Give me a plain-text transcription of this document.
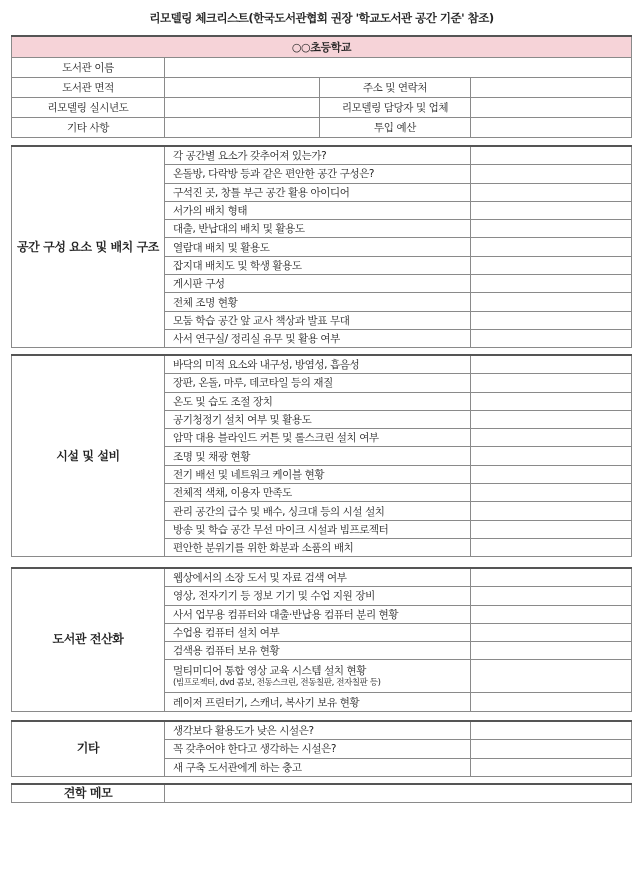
리모델링 체크리스트(한국도서관협회 권장 '학교도서관 공간 기준' 참조)
○○초등학교			
도서관 이름			
도서관 면적		주소 및 연락처	
리모델링 실시년도		리모델링 담당자 및 업체	
기타 사항		투입 예산	
공간 구성 요소 및 배치 구조	각 공간별 요소가 갖추어져 있는가?	
	온돌방, 다락방 등과 같은 편안한 공간 구성은?	
	구석진 곳, 창틀 부근 공간 활용 아이디어	
	서가의 배치 형태	
	대출, 반납대의 배치 및 활용도	
	열람대 배치 및 활용도	
	잡지대 배치도 및 학생 활용도	
	게시판 구성	
	전체 조명 현황	
	모둠 학습 공간 앞 교사 책상과 발표 무대	
	사서 연구실/ 정리실 유무 및 활용 여부	
시설 및 설비	바닥의 미적 요소와 내구성, 방염성, 흡음성	
	장판, 온돌, 마루, 데코타일 등의 재질	
	온도 및 습도 조절 장치	
	공기청정기 설치 여부 및 활용도	
	암막 대용 블라인드 커튼 및 롤스크린 설치 여부	
	조명 및 채광 현황	
	전기 배선 및 네트워크 케이블 현황	
	전체적 색채, 이용자 만족도	
	관리 공간의 급수 및 배수, 싱크대 등의 시설 설치	
	방송 및 학습 공간 무선 마이크 시설과 빔프로젝터	
	편안한 분위기를 위한 화분과 소품의 배치	
도서관 전산화	웹상에서의 소장 도서 및 자료 검색 여부	
	영상, 전자기기 등 정보 기기 및 수업 지원 장비	
	사서 업무용 컴퓨터와 대출·반납용 컴퓨터 분리 현황	
	수업용 컴퓨터 설치 여부	
	검색용 컴퓨터 보유 현황	
	멀티미디어 통합 영상 교육 시스템 설치 현황
(빔프로젝터, dvd 콤보, 전동스크린, 전동칠판, 전자칠판 등)	

	레이저 프린터기, 스캐너, 복사기 보유 현황	
기타	생각보다 활용도가 낮은 시설은?	
	꼭 갖추어야 한다고 생각하는 시설은?	
	새 구축 도서관에게 하는 충고	
견학 메모	
